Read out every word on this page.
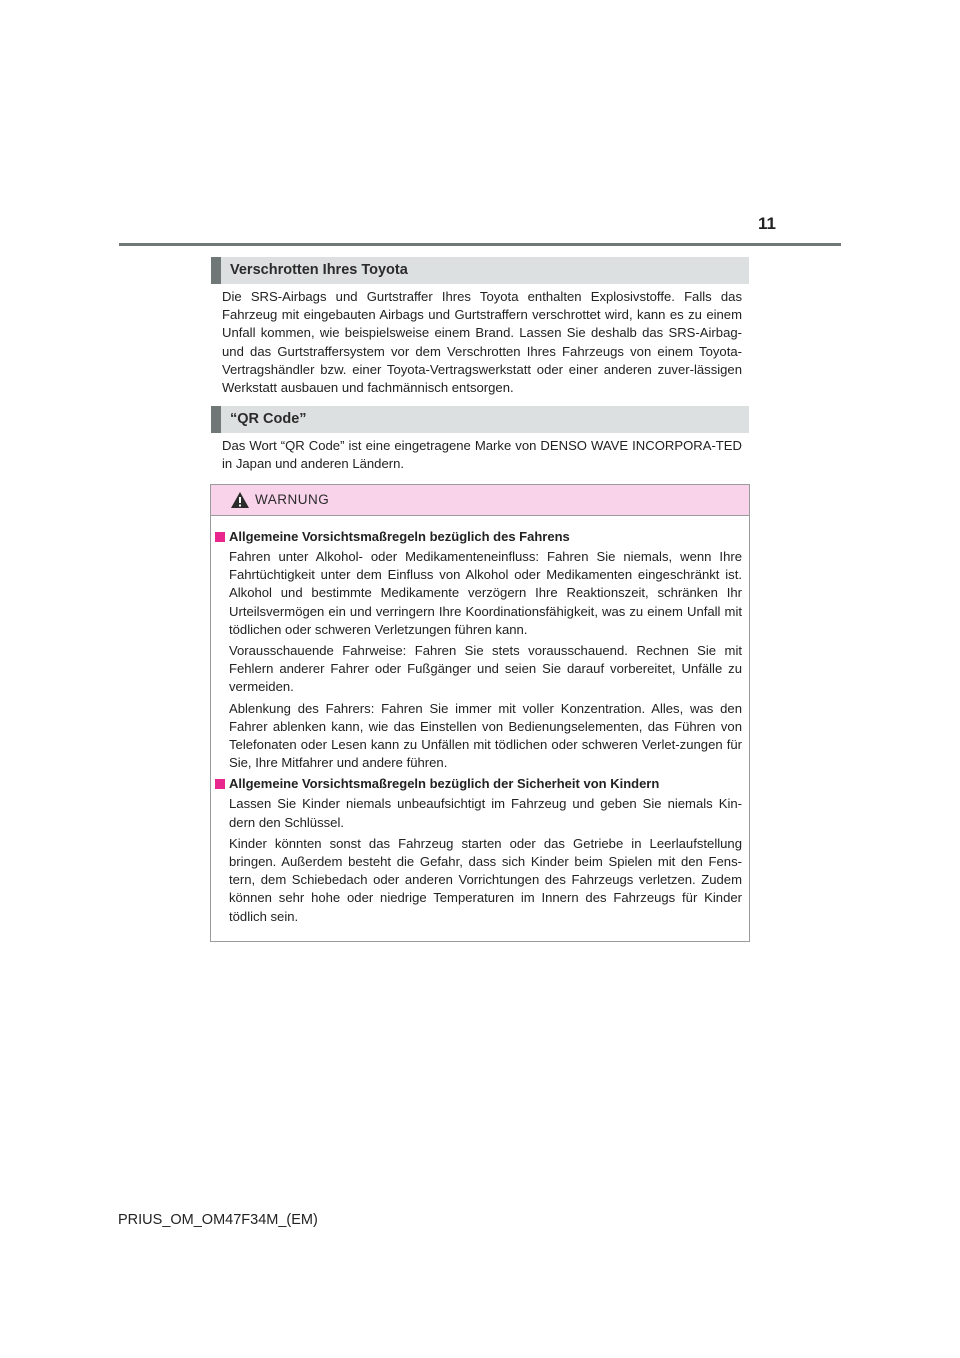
11
Verschrotten Ihres Toyota
Die SRS-Airbags und Gurtstraffer Ihres Toyota enthalten Explosivstoffe. Falls das Fahrzeug mit eingebauten Airbags und Gurtstraffern verschrottet wird, kann es zu einem Unfall kommen, wie beispielsweise einem Brand. Lassen Sie deshalb das SRS-Airbag- und das Gurtstraffersystem vor dem Verschrotten Ihres Fahrzeugs von einem Toyota-Vertragshändler bzw. einer Toyota-Vertragswerkstatt oder einer anderen zuver-lässigen Werkstatt ausbauen und fachmännisch entsorgen.
“QR Code”
Das Wort “QR Code” ist eine eingetragene Marke von DENSO WAVE INCORPORA-TED in Japan und anderen Ländern.
WARNUNG
Allgemeine Vorsichtsmaßregeln bezüglich des Fahrens
Fahren unter Alkohol- oder Medikamenteneinfluss: Fahren Sie niemals, wenn Ihre Fahrtüchtigkeit unter dem Einfluss von Alkohol oder Medikamenten eingeschränkt ist. Alkohol und bestimmte Medikamente verzögern Ihre Reaktionszeit, schränken Ihr Urteilsvermögen ein und verringern Ihre Koordinationsfähigkeit, was zu einem Unfall mit tödlichen oder schweren Verletzungen führen kann.
Vorausschauende Fahrweise: Fahren Sie stets vorausschauend. Rechnen Sie mit Fehlern anderer Fahrer oder Fußgänger und seien Sie darauf vorbereitet, Unfälle zu vermeiden.
Ablenkung des Fahrers: Fahren Sie immer mit voller Konzentration. Alles, was den Fahrer ablenken kann, wie das Einstellen von Bedienungselementen, das Führen von Telefonaten oder Lesen kann zu Unfällen mit tödlichen oder schweren Verlet-zungen für Sie, Ihre Mitfahrer und andere führen.
Allgemeine Vorsichtsmaßregeln bezüglich der Sicherheit von Kindern
Lassen Sie Kinder niemals unbeaufsichtigt im Fahrzeug und geben Sie niemals Kin-dern den Schlüssel.
Kinder könnten sonst das Fahrzeug starten oder das Getriebe in Leerlaufstellung bringen. Außerdem besteht die Gefahr, dass sich Kinder beim Spielen mit den Fens-tern, dem Schiebedach oder anderen Vorrichtungen des Fahrzeugs verletzen. Zudem können sehr hohe oder niedrige Temperaturen im Innern des Fahrzeugs für Kinder tödlich sein.
PRIUS_OM_OM47F34M_(EM)
